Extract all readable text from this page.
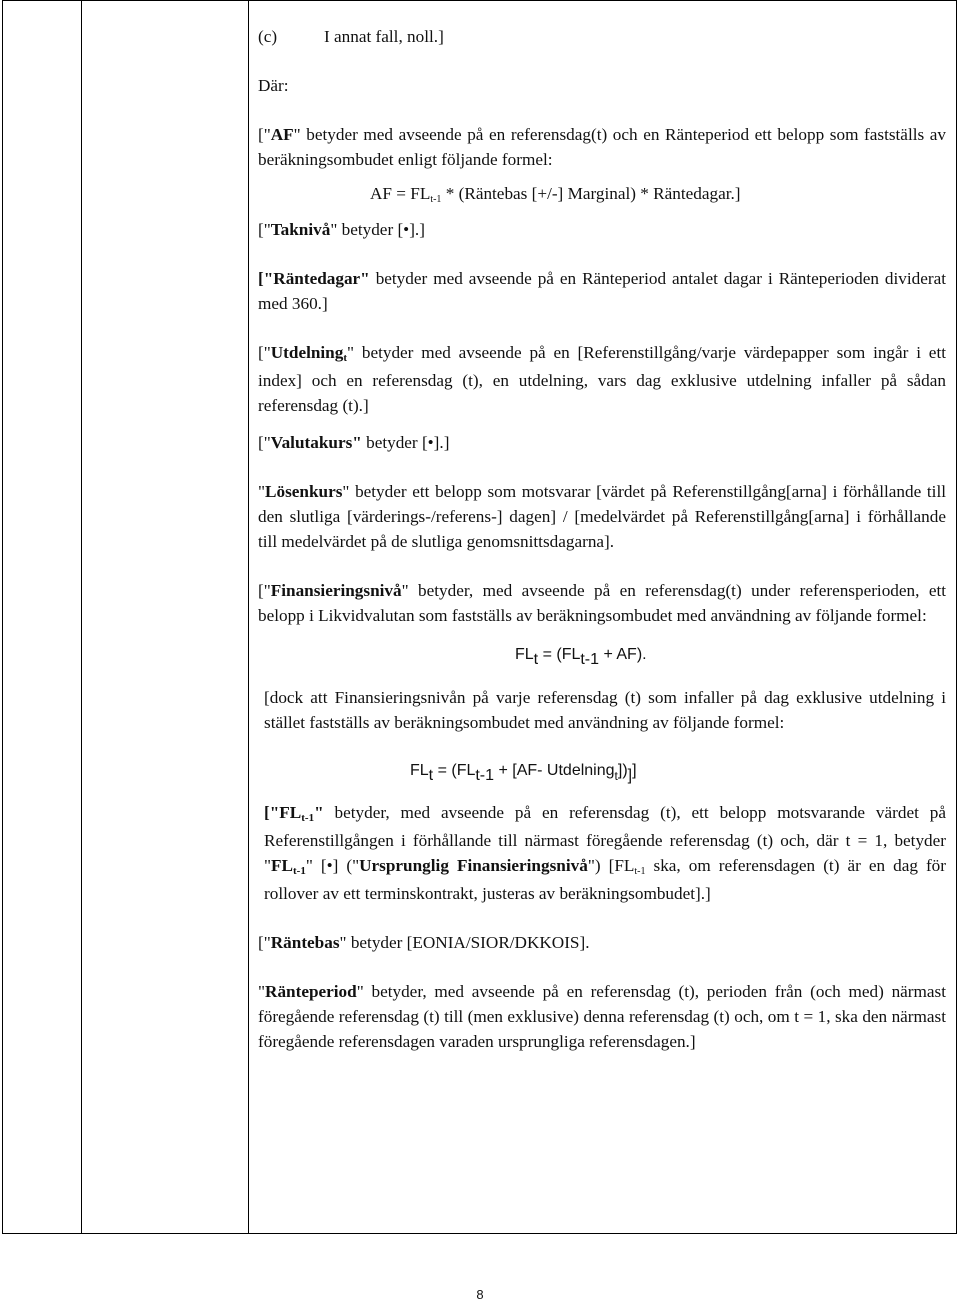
(c)	I annat fall, noll.]

Där:

["AF" betyder med avseende på en referensdag(t) och en Ränteperiod ett belopp som fastställs av beräkningsombudet enligt följande formel:

AF = FLt-1 * (Räntebas [+/-] Marginal) * Räntedagar.]

["Taknivå" betyder [•].]

["Räntedagar" betyder med avseende på en Ränteperiod antalet dagar i Ränteperioden dividerat med 360.]

["Utdelningt" betyder med avseende på en [Referenstillgång/varje värdepapper som ingår i ett index] och en referensdag (t), en utdelning, vars dag exklusive utdelning infaller på sådan referensdag (t).]

["Valutakurs" betyder [•].]

"Lösenkurs" betyder ett belopp som motsvarar [värdet på Referenstillgång[arna] i förhållande till den slutliga [värderings-/referens-] dagen] / [medelvärdet på Referenstillgång[arna] i förhållande till medelvärdet på de slutliga genomsnittsdagarna].

["Finansieringsnivå" betyder, med avseende på en referensdag(t) under referensperioden, ett belopp i Likvidvalutan som fastställs av beräkningsombudet med användning av följande formel:

FLt = (FLt-1 + AF).

[dock att Finansieringsnivån på varje referensdag (t) som infaller på dag exklusive utdelning i stället fastställs av beräkningsombudet med användning av följande formel:

FLt = (FLt-1 + [AF- Utdelning$_t$])]]

["FLt-1" betyder, med avseende på en referensdag (t), ett belopp motsvarande värdet på Referenstillgången i förhållande till närmast föregående referensdag (t) och, där t = 1, betyder "FLt-1" [•] ("Ursprunglig Finansieringsnivå") [FLt-1 ska, om referensdagen (t) är en dag för rollover av ett terminskontrakt, justeras av beräkningsombudet].]

["Räntebas" betyder [EONIA/SIOR/DKKOIS].

"Ränteperiod" betyder, med avseende på en referensdag (t), perioden från (och med) närmast föregående referensdag (t) till (men exklusive) denna referensdag (t) och, om t = 1, ska den närmast föregående referensdagen varaden ursprungliga referensdagen.]

8
